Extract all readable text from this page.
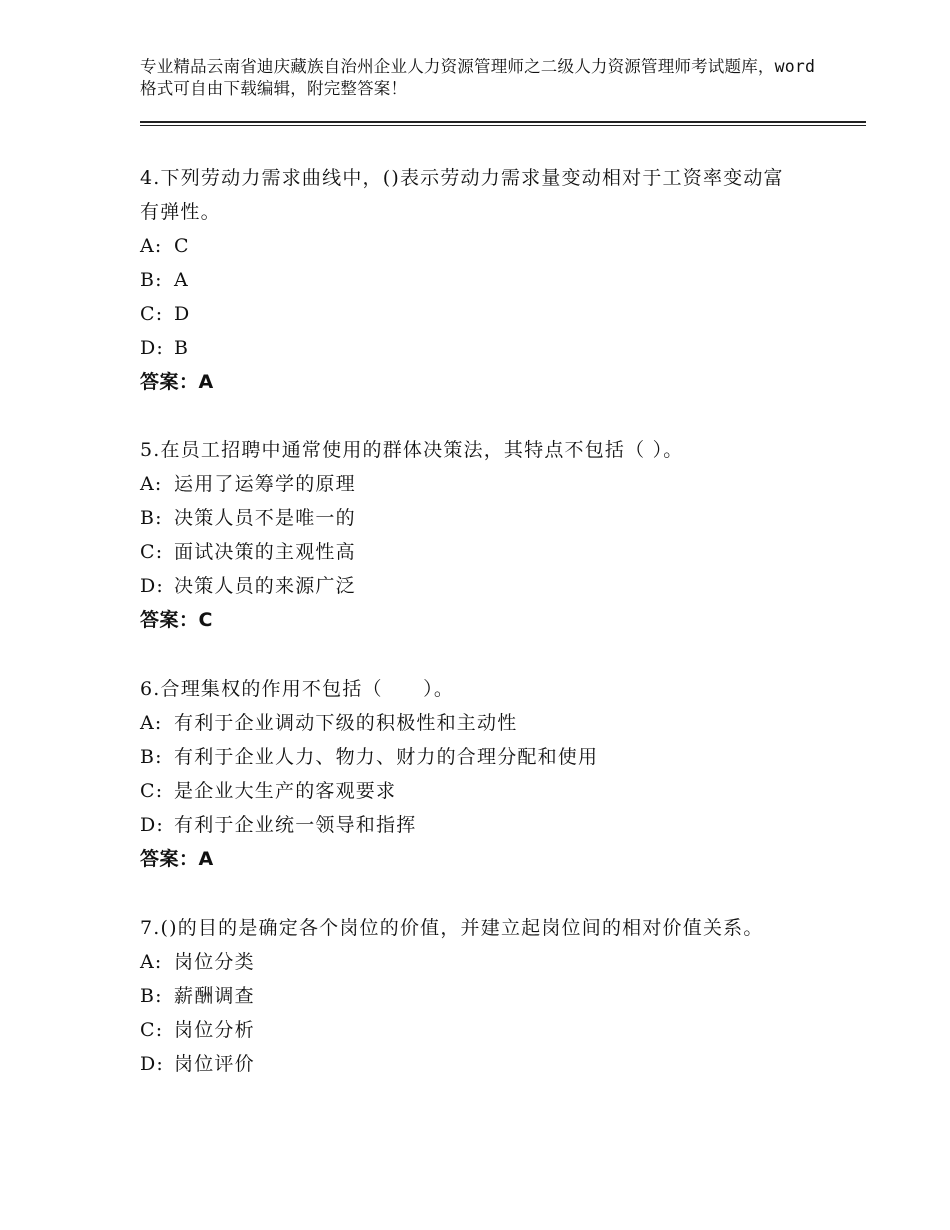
专业精品云南省迪庆藏族自治州企业人力资源管理师之二级人力资源管理师考试题库，word格式可自由下载编辑，附完整答案！
4.下列劳动力需求曲线中，()表示劳动力需求量变动相对于工资率变动富有弹性。
A: C
B: A
C: D
D: B
答案：A
5.在员工招聘中通常使用的群体决策法，其特点不包括（ ）。
A: 运用了运筹学的原理
B: 决策人员不是唯一的
C: 面试决策的主观性高
D: 决策人员的来源广泛
答案：C
6.合理集权的作用不包括（　　）。
A: 有利于企业调动下级的积极性和主动性
B: 有利于企业人力、物力、财力的合理分配和使用
C: 是企业大生产的客观要求
D: 有利于企业统一领导和指挥
答案：A
7.()的目的是确定各个岗位的价值，并建立起岗位间的相对价值关系。
A: 岗位分类
B: 薪酬调查
C: 岗位分析
D: 岗位评价
